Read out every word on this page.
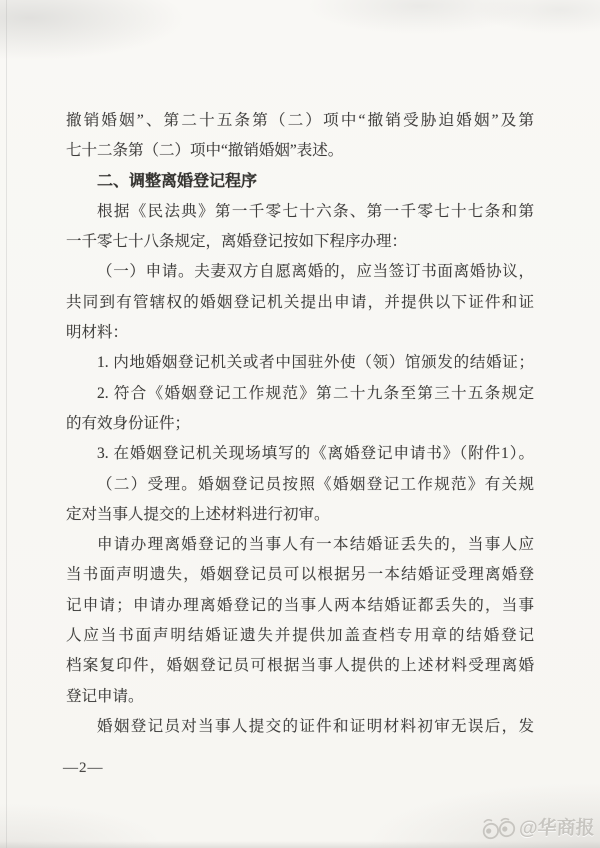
撤销婚姻”、第二十五条第（二）项中“撤销受胁迫婚姻”及第
七十二条第（二）项中“撤销婚姻”表述。
二、调整离婚登记程序
根据《民法典》第一千零七十六条、第一千零七十七条和第
一千零七十八条规定，离婚登记按如下程序办理：
（一）申请。夫妻双方自愿离婚的，应当签订书面离婚协议，
共同到有管辖权的婚姻登记机关提出申请，并提供以下证件和证
明材料：
1. 内地婚姻登记机关或者中国驻外使（领）馆颁发的结婚证；
2. 符合《婚姻登记工作规范》第二十九条至第三十五条规定
的有效身份证件；
3. 在婚姻登记机关现场填写的《离婚登记申请书》（附件1）。
（二）受理。婚姻登记员按照《婚姻登记工作规范》有关规
定对当事人提交的上述材料进行初审。
申请办理离婚登记的当事人有一本结婚证丢失的，当事人应
当书面声明遗失，婚姻登记员可以根据另一本结婚证受理离婚登
记申请；申请办理离婚登记的当事人两本结婚证都丢失的，当事
人应当书面声明结婚证遗失并提供加盖查档专用章的结婚登记
档案复印件，婚姻登记员可根据当事人提供的上述材料受理离婚
登记申请。
婚姻登记员对当事人提交的证件和证明材料初审无误后，发
—2—
@华商报
